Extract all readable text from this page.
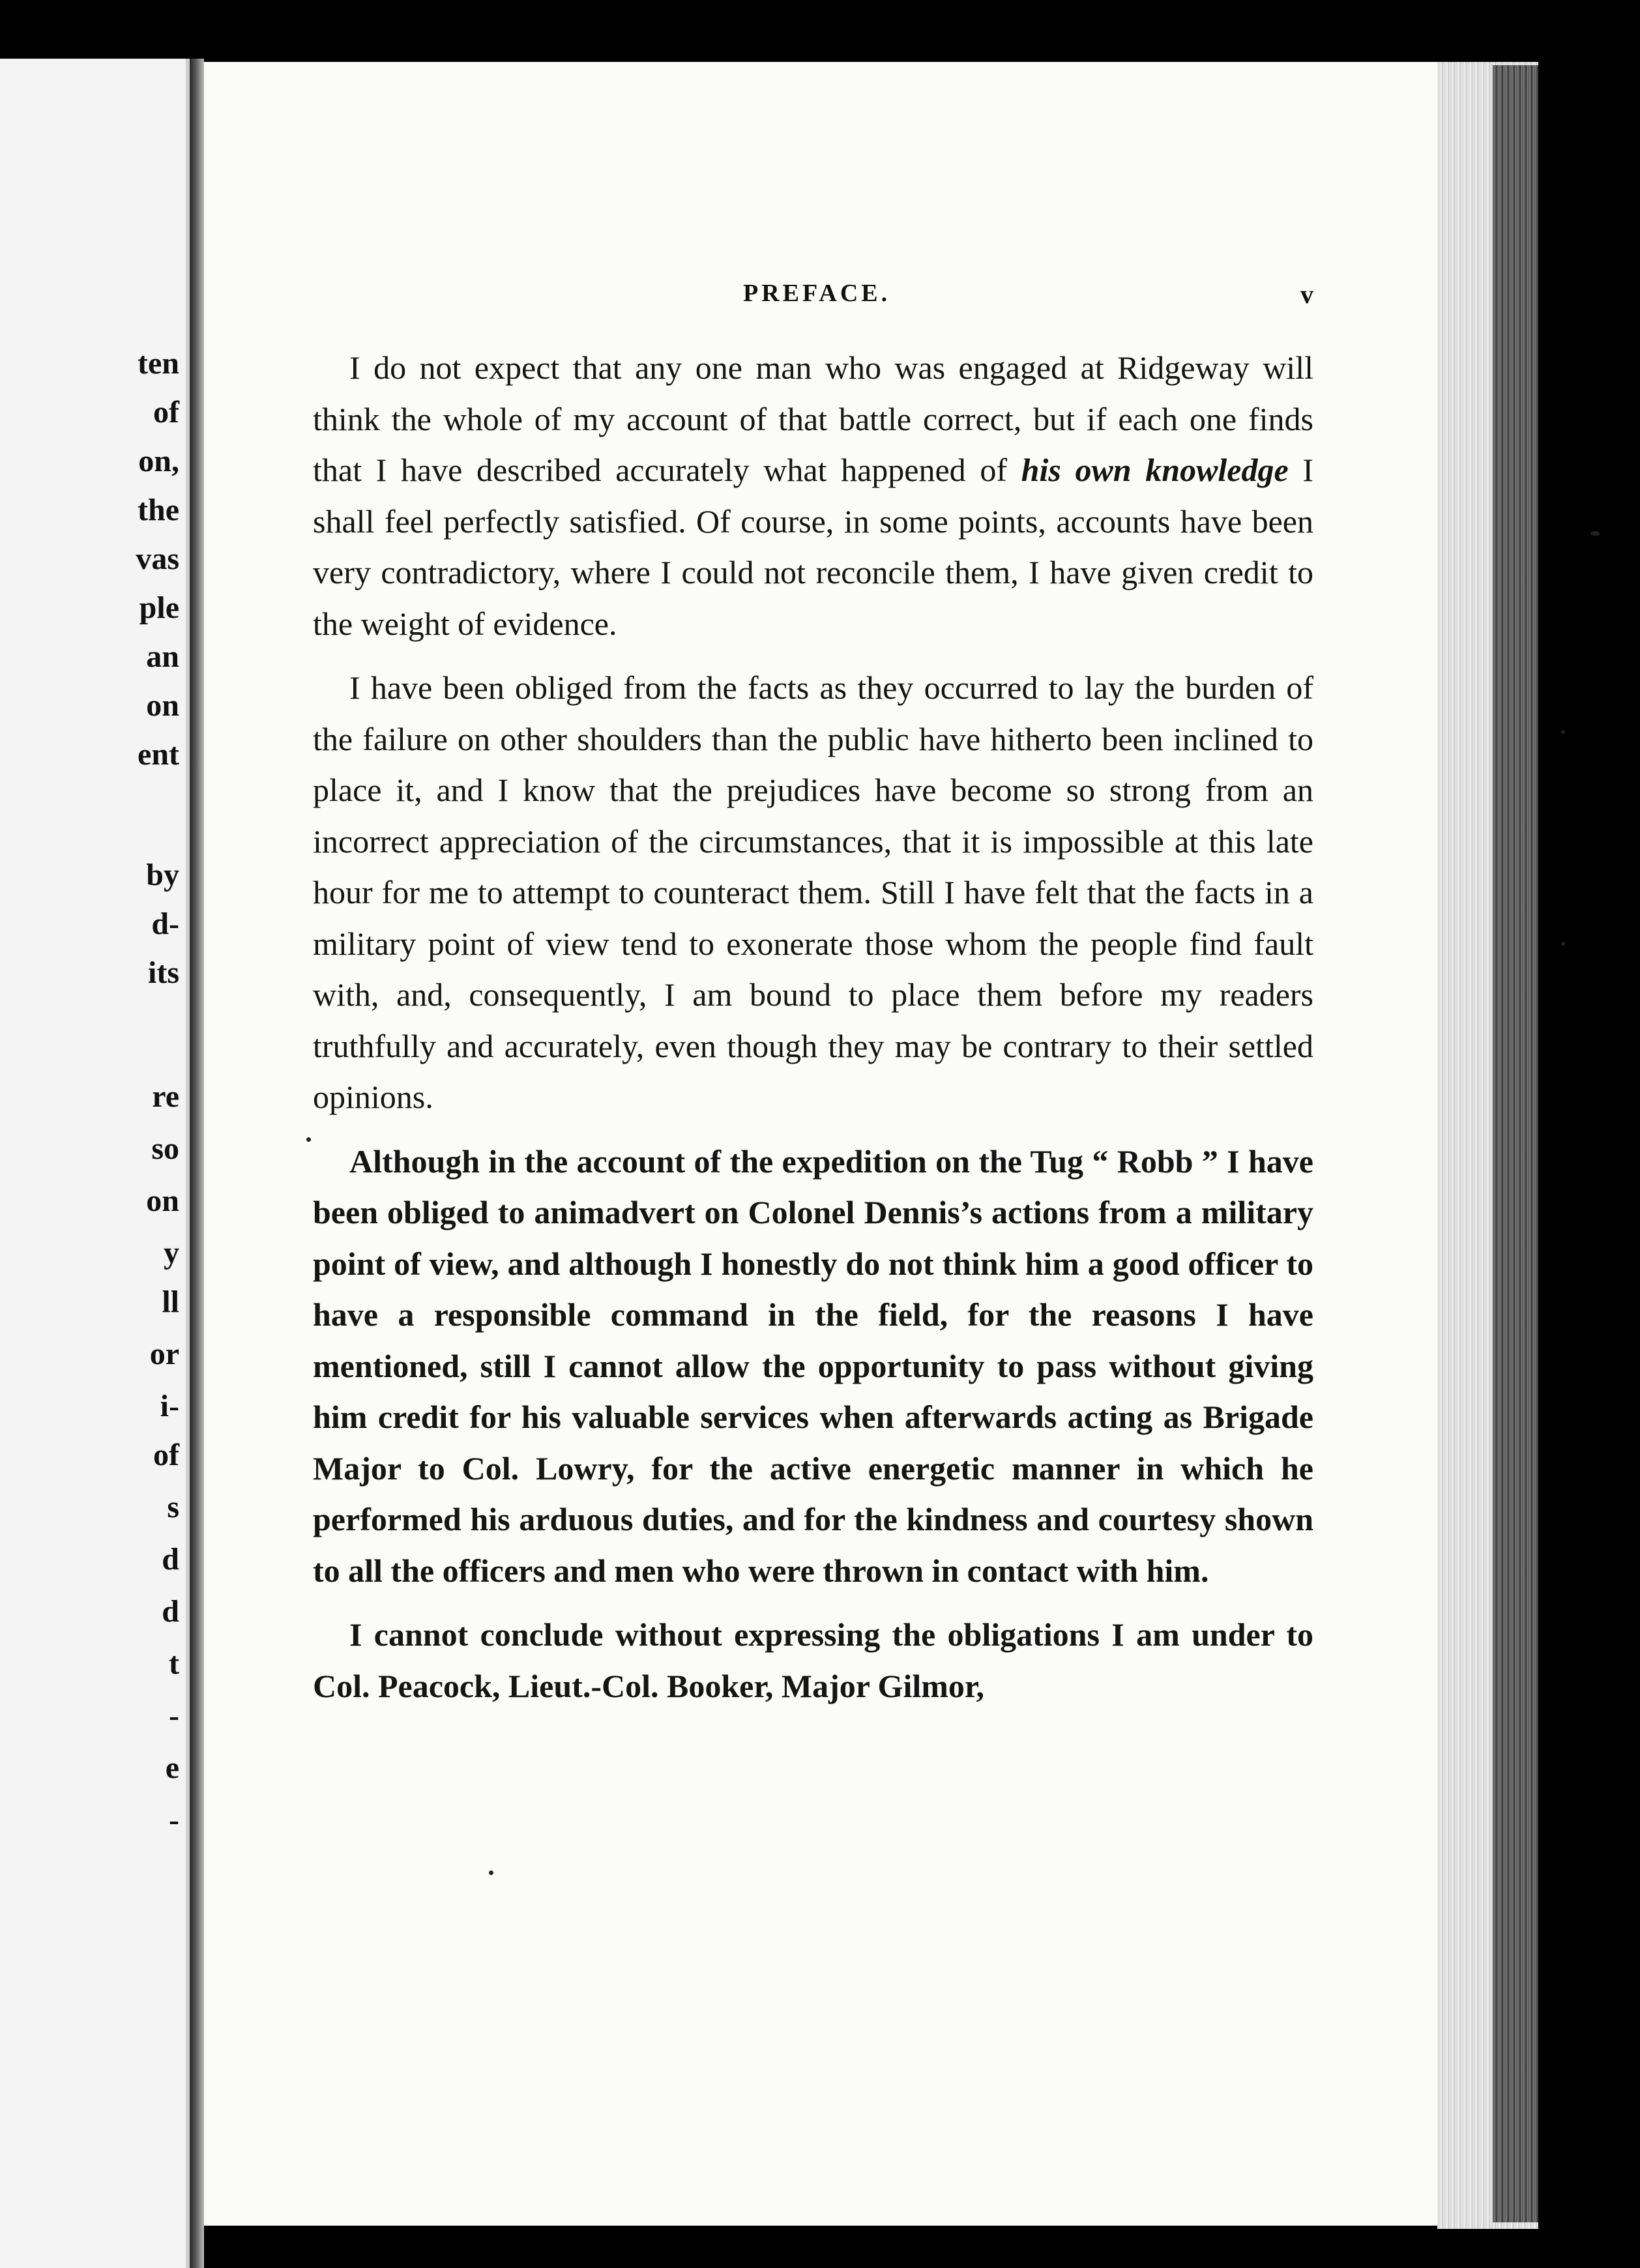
ten
of
on,
the
vas
ple
an
on
ent
by
d-
its
re
so
on
y
ll
or
i-
of
s
d
d
t
-
e
-
PREFACE.	v

I do not expect that any one man who was engaged at Ridgeway will think the whole of my account of that battle correct, but if each one finds that I have described accurately what happened of his own knowledge I shall feel perfectly satisfied. Of course, in some points, accounts have been very contradictory, where I could not reconcile them, I have given credit to the weight of evidence.

I have been obliged from the facts as they occurred to lay the burden of the failure on other shoulders than the public have hitherto been inclined to place it, and I know that the prejudices have become so strong from an incorrect appreciation of the circumstances, that it is impossible at this late hour for me to attempt to counteract them. Still I have felt that the facts in a military point of view tend to exonerate those whom the people find fault with, and, consequently, I am bound to place them before my readers truthfully and accurately, even though they may be contrary to their settled opinions.

Although in the account of the expedition on the Tug “ Robb ” I have been obliged to animadvert on Colonel Dennis’s actions from a military point of view, and although I honestly do not think him a good officer to have a responsible command in the field, for the reasons I have mentioned, still I cannot allow the opportunity to pass without giving him credit for his valuable services when afterwards acting as Brigade Major to Col. Lowry, for the active energetic manner in which he performed his arduous duties, and for the kindness and courtesy shown to all the officers and men who were thrown in contact with him.

I cannot conclude without expressing the obligations I am under to Col. Peacock, Lieut.-Col. Booker, Major Gilmor,
